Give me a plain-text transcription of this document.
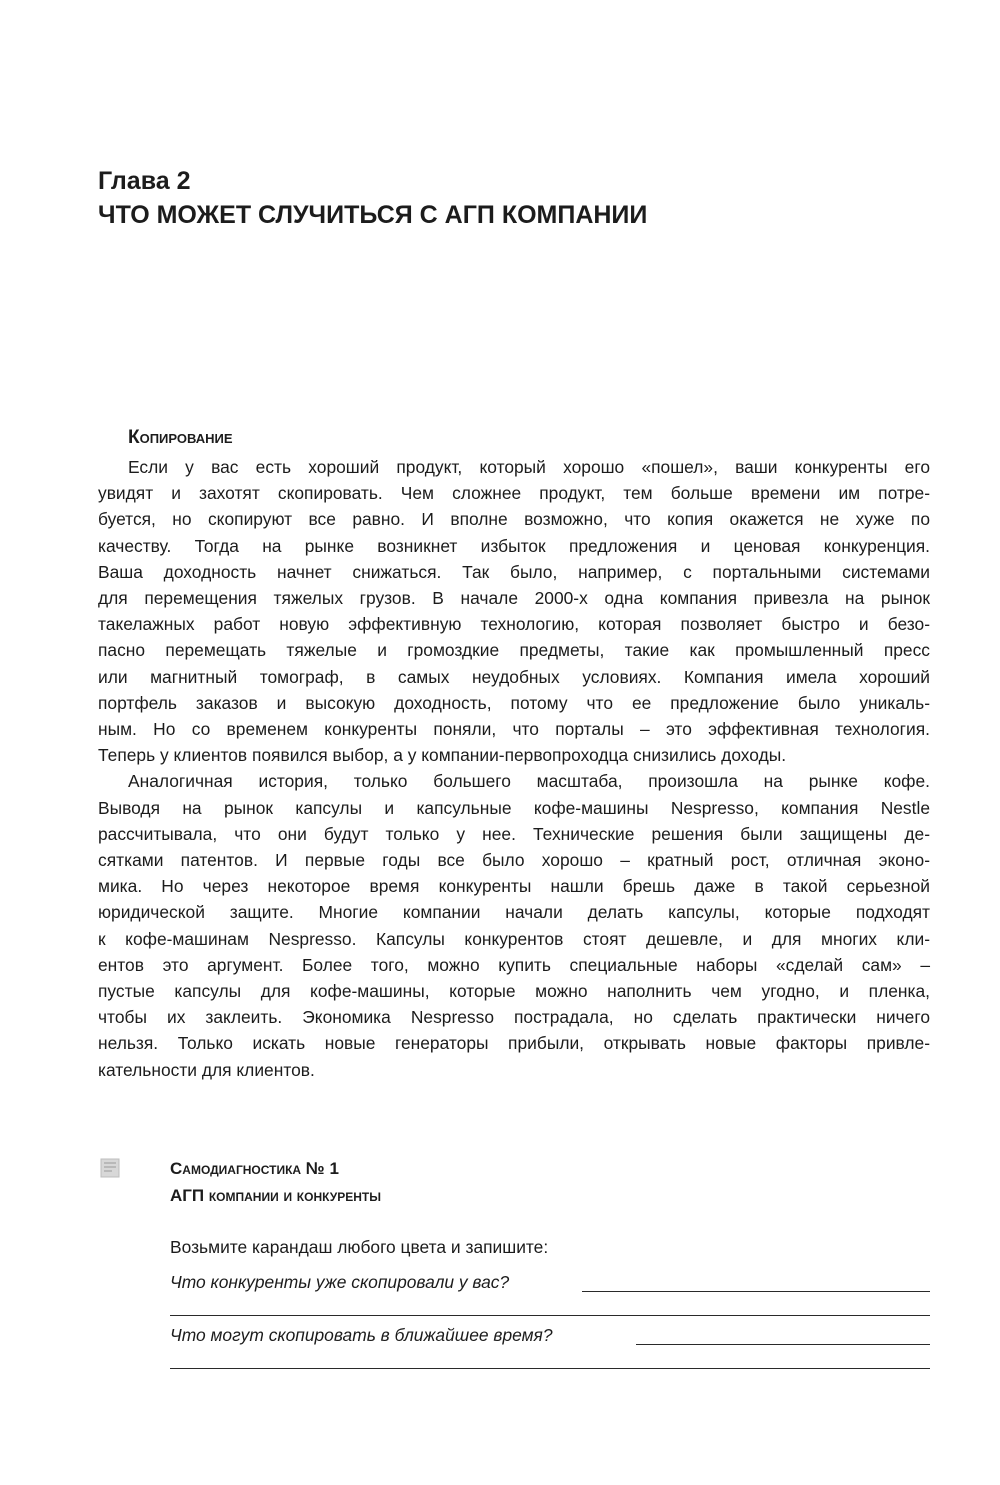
Глава 2
ЧТО МОЖЕТ СЛУЧИТЬСЯ С АГП КОМПАНИИ
Копирование
Если у вас есть хороший продукт, который хорошо «пошел», ваши конкуренты его
увидят и захотят скопировать. Чем сложнее продукт, тем больше времени им потре-
буется, но скопируют все равно. И вполне возможно, что копия окажется не хуже по
качеству. Тогда на рынке возникнет избыток предложения и ценовая конкуренция.
Ваша доходность начнет снижаться. Так было, например, с портальными системами
для перемещения тяжелых грузов. В начале 2000-х одна компания привезла на рынок
такелажных работ новую эффективную технологию, которая позволяет быстро и безо-
пасно перемещать тяжелые и громоздкие предметы, такие как промышленный пресс
или магнитный томограф, в самых неудобных условиях. Компания имела хороший
портфель заказов и высокую доходность, потому что ее предложение было уникаль-
ным. Но со временем конкуренты поняли, что порталы – это эффективная технология.
Теперь у клиентов появился выбор, а у компании-первопроходца снизились доходы.
Аналогичная история, только большего масштаба, произошла на рынке кофе.
Выводя на рынок капсулы и капсульные кофе-машины Nespresso, компания Nestle
рассчитывала, что они будут только у нее. Технические решения были защищены де-
сятками патентов. И первые годы все было хорошо – кратный рост, отличная эконо-
мика. Но через некоторое время конкуренты нашли брешь даже в такой серьезной
юридической защите. Многие компании начали делать капсулы, которые подходят
к кофе-машинам Nespresso. Капсулы конкурентов стоят дешевле, и для многих кли-
ентов это аргумент. Более того, можно купить специальные наборы «сделай сам» –
пустые капсулы для кофе-машины, которые можно наполнить чем угодно, и пленка,
чтобы их заклеить. Экономика Nespresso пострадала, но сделать практически ничего
нельзя. Только искать новые генераторы прибыли, открывать новые факторы привле-
кательности для клиентов.
Самодиагностика № 1
АГП компании и конкуренты
Возьмите карандаш любого цвета и запишите:
Что конкуренты уже скопировали у вас?
Что могут скопировать в ближайшее время?
